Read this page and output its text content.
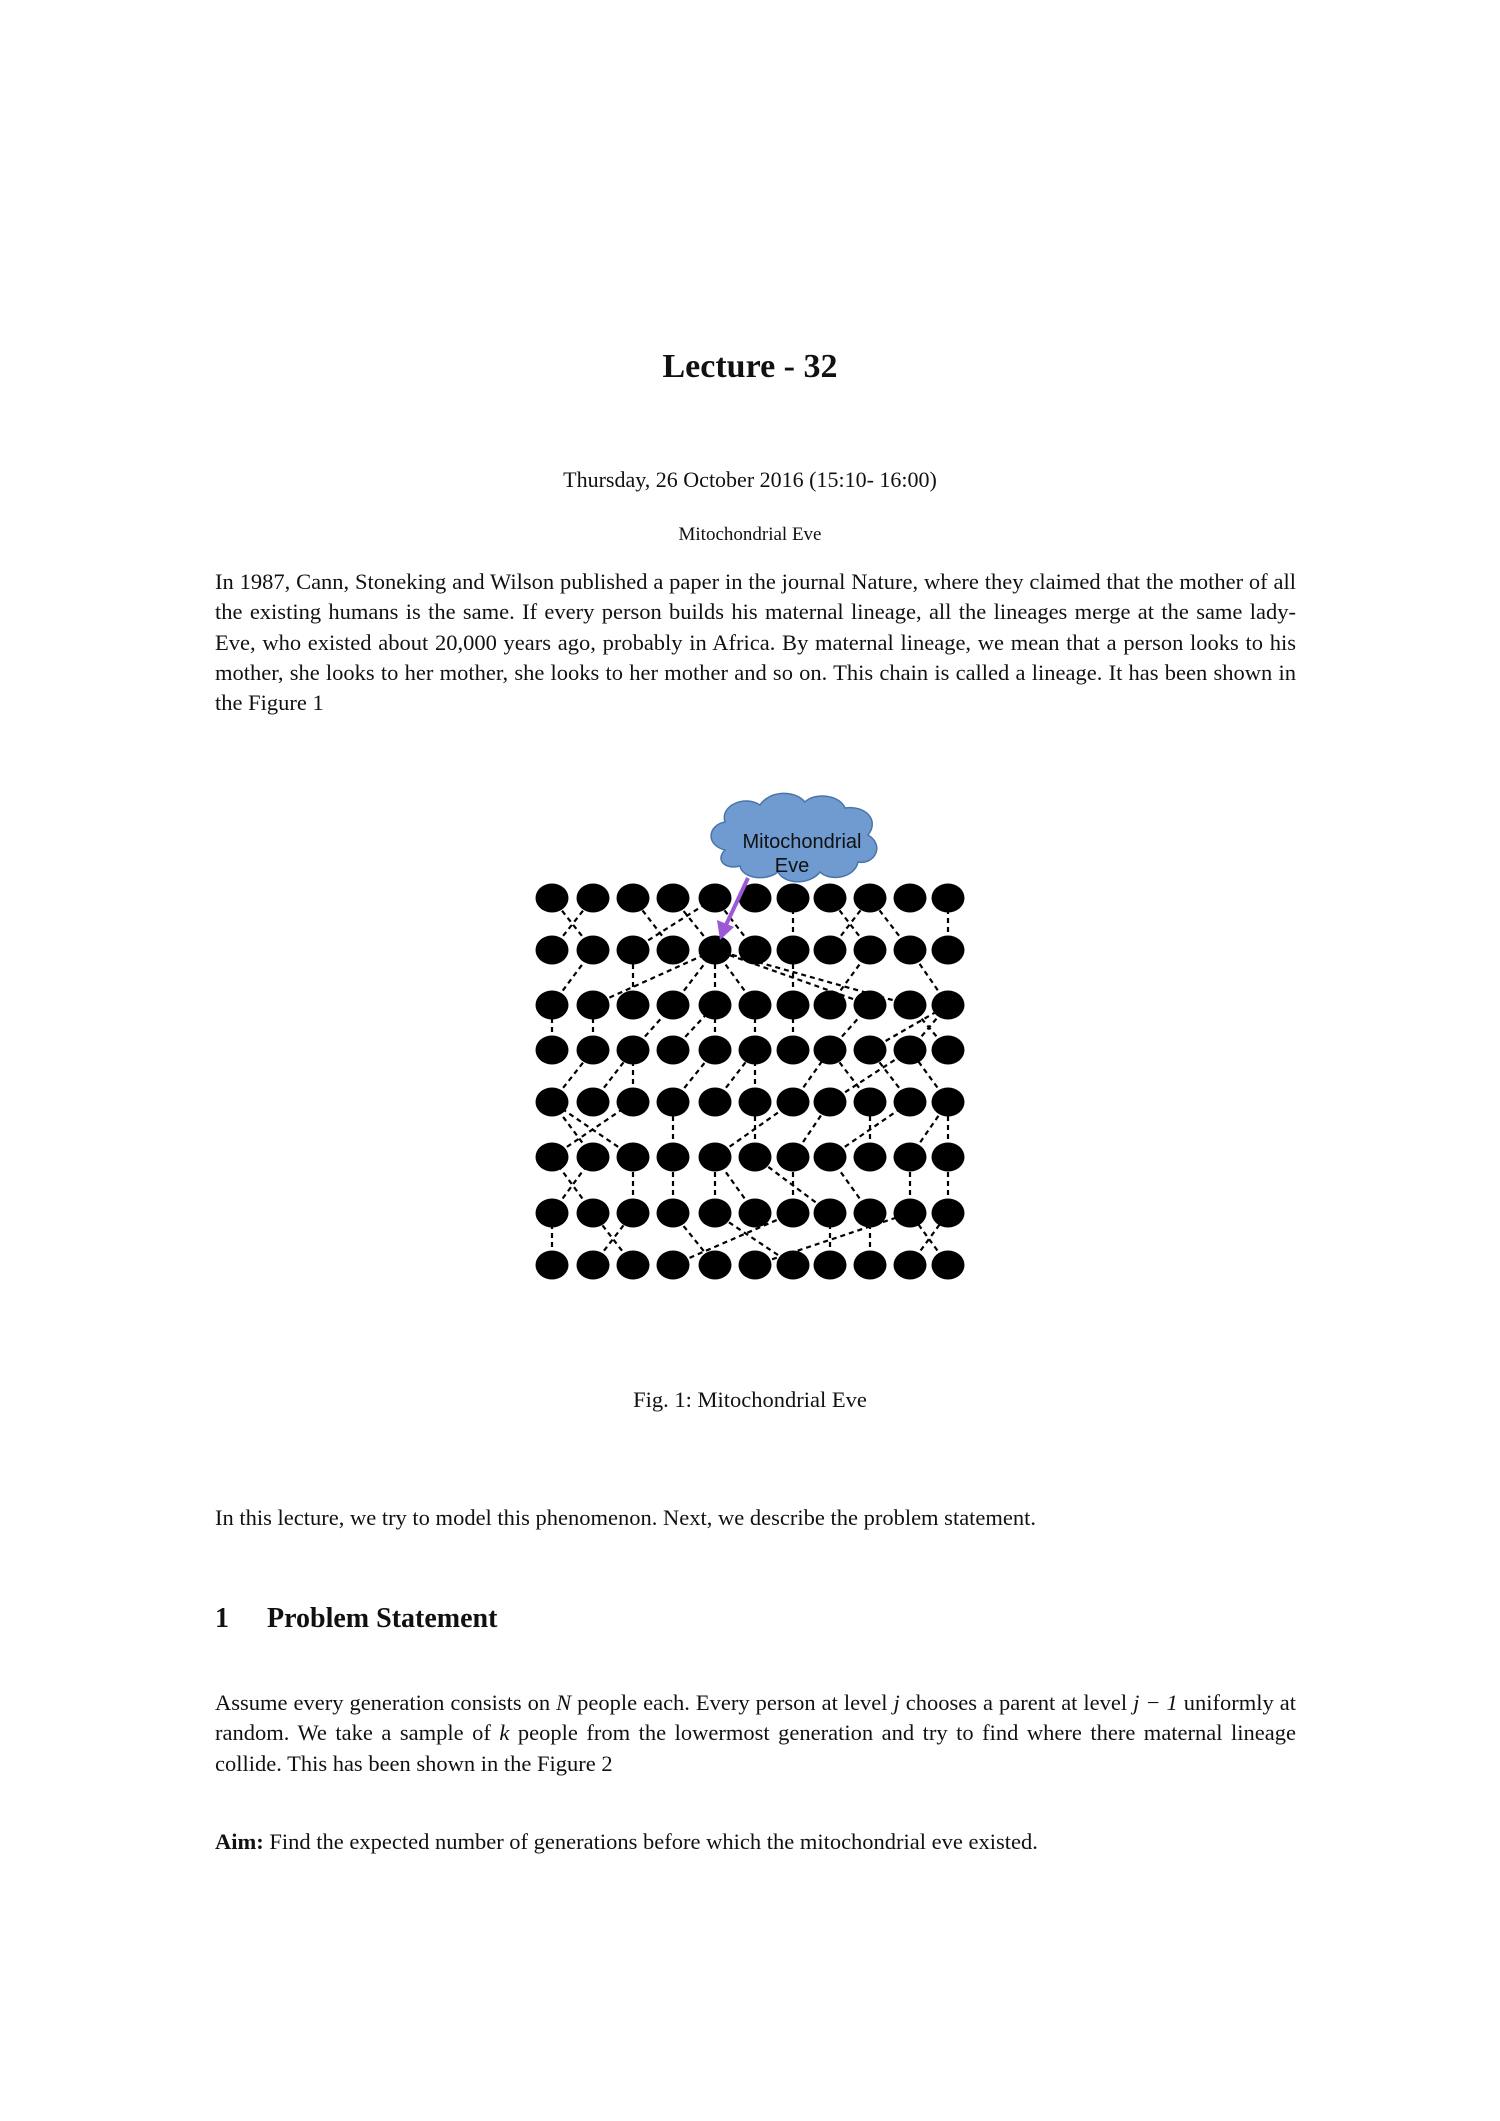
Lecture - 32
Thursday, 26 October 2016 (15:10- 16:00)
Mitochondrial Eve
In 1987, Cann, Stoneking and Wilson published a paper in the journal Nature, where they claimed that the mother of all the existing humans is the same. If every person builds his maternal lineage, all the lineages merge at the same lady- Eve, who existed about 20,000 years ago, probably in Africa. By maternal lineage, we mean that a person looks to his mother, she looks to her mother, she looks to her mother and so on. This chain is called a lineage. It has been shown in the Figure 1
Mitochondrial
Eve
Fig. 1: Mitochondrial Eve
In this lecture, we try to model this phenomenon. Next, we describe the problem statement.
1 Problem Statement
Assume every generation consists on N people each. Every person at level j chooses a parent at level j − 1 uniformly at random. We take a sample of k people from the lowermost generation and try to find where there maternal lineage collide. This has been shown in the Figure 2
Aim: Find the expected number of generations before which the mitochondrial eve existed.
